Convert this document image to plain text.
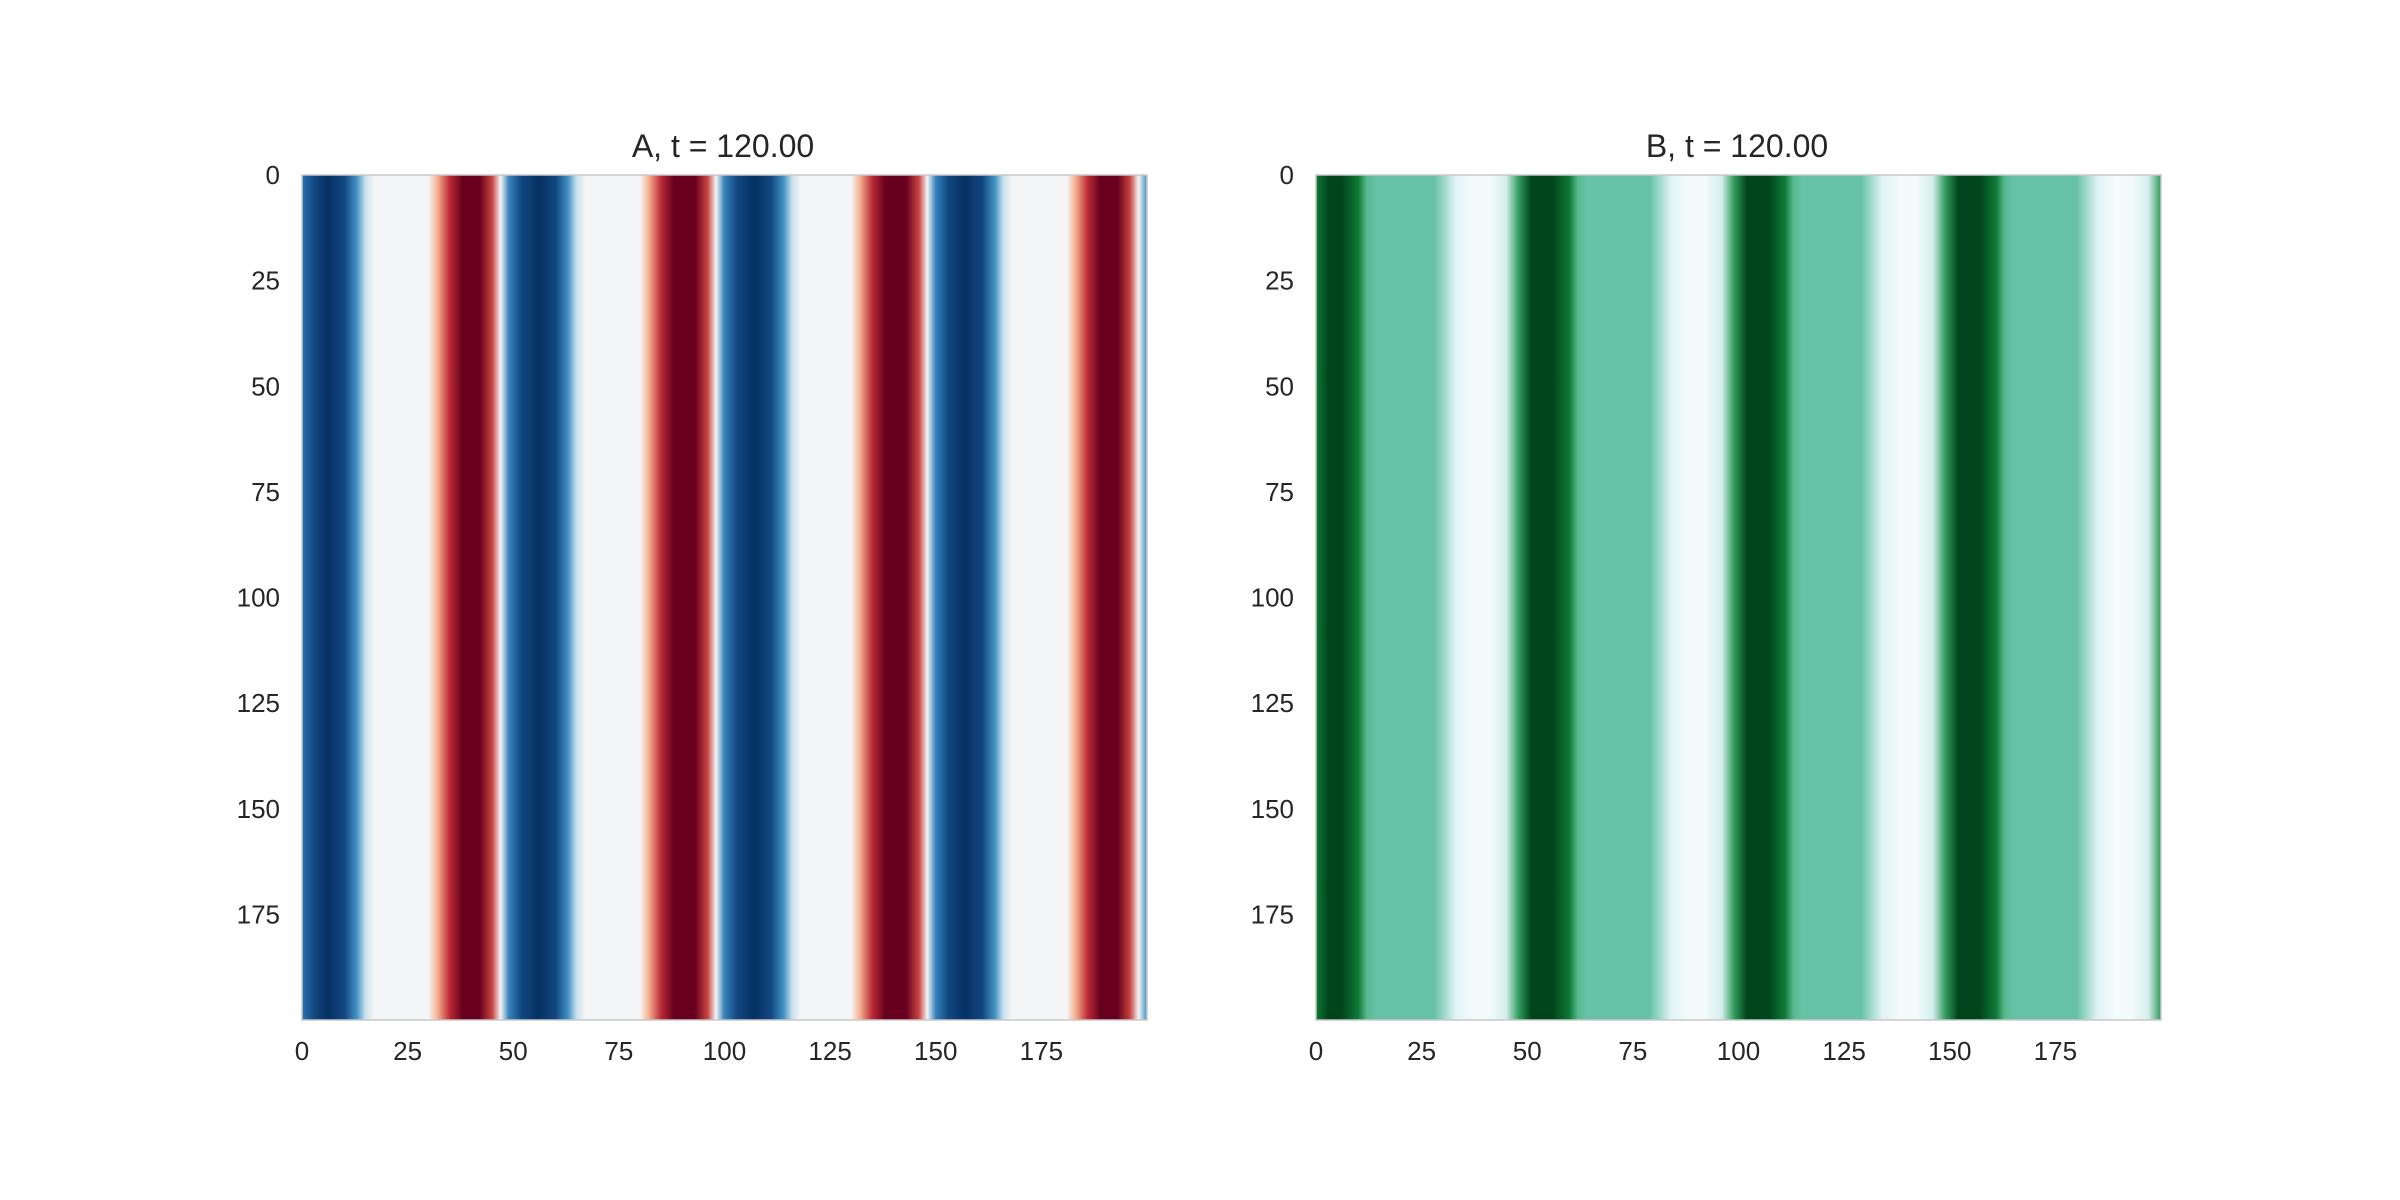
A, t = 120.00
0	25	50	75	100 125 150 175
0
25
50
75
100
125
150
175
B, t = 120.00
0	25	50	75	100 125 150 175
0
25
50
75
100
125
150
175
